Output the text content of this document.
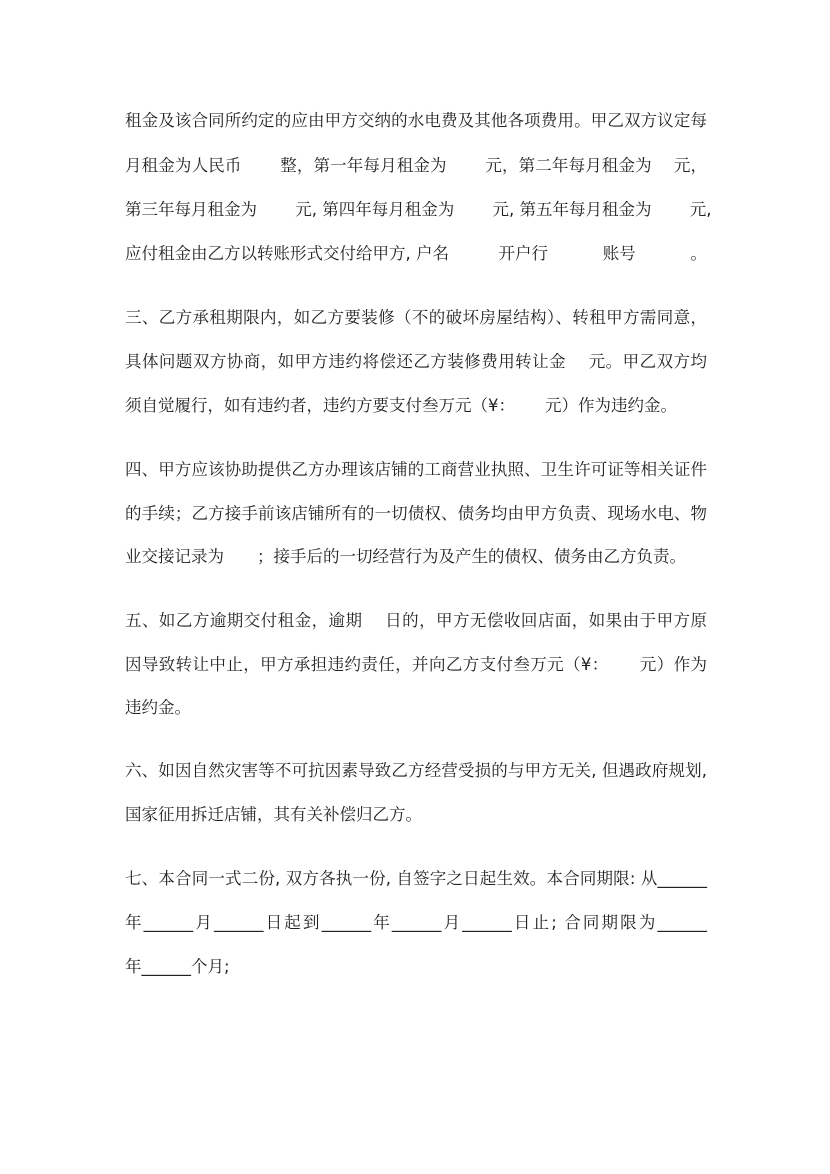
租金及该合同所约定的应由甲方交纳的水电费及其他各项费用。甲乙双方议定每
月租金为人民币　　 整，第一年每月租金为　　 元，第二年每月租金为　 元，
第三年每月租金为　　 元, 第四年每月租金为　　 元, 第五年每月租金为　　 元,
应付租金由乙方以转账形式交付给甲方, 户名　　　开户行　　　 账号　　　 。
三、乙方承租期限内，如乙方要装修（不的破坏房屋结构）、转租甲方需同意，
具体问题双方协商，如甲方违约将偿还乙方装修费用转让金　 元。甲乙双方均
须自觉履行，如有违约者，违约方要支付叁万元（¥：　　 元）作为违约金。
四、甲方应该协助提供乙方办理该店铺的工商营业执照、卫生许可证等相关证件
的手续；乙方接手前该店铺所有的一切债权、债务均由甲方负责、现场水电、物
业交接记录为　　；接手后的一切经营行为及产生的债权、债务由乙方负责。
五、如乙方逾期交付租金，逾期　 日的，甲方无偿收回店面，如果由于甲方原
因导致转让中止，甲方承担违约责任，并向乙方支付叁万元（¥：　　 元）作为
违约金。
六、如因自然灾害等不可抗因素导致乙方经营受损的与甲方无关, 但遇政府规划,
国家征用拆迁店铺，其有关补偿归乙方。
七、本合同一式二份, 双方各执一份, 自签字之日起生效。本合同期限: 从______
年______月______日起到______年______月______日止; 合同期限为______
年______个月;
